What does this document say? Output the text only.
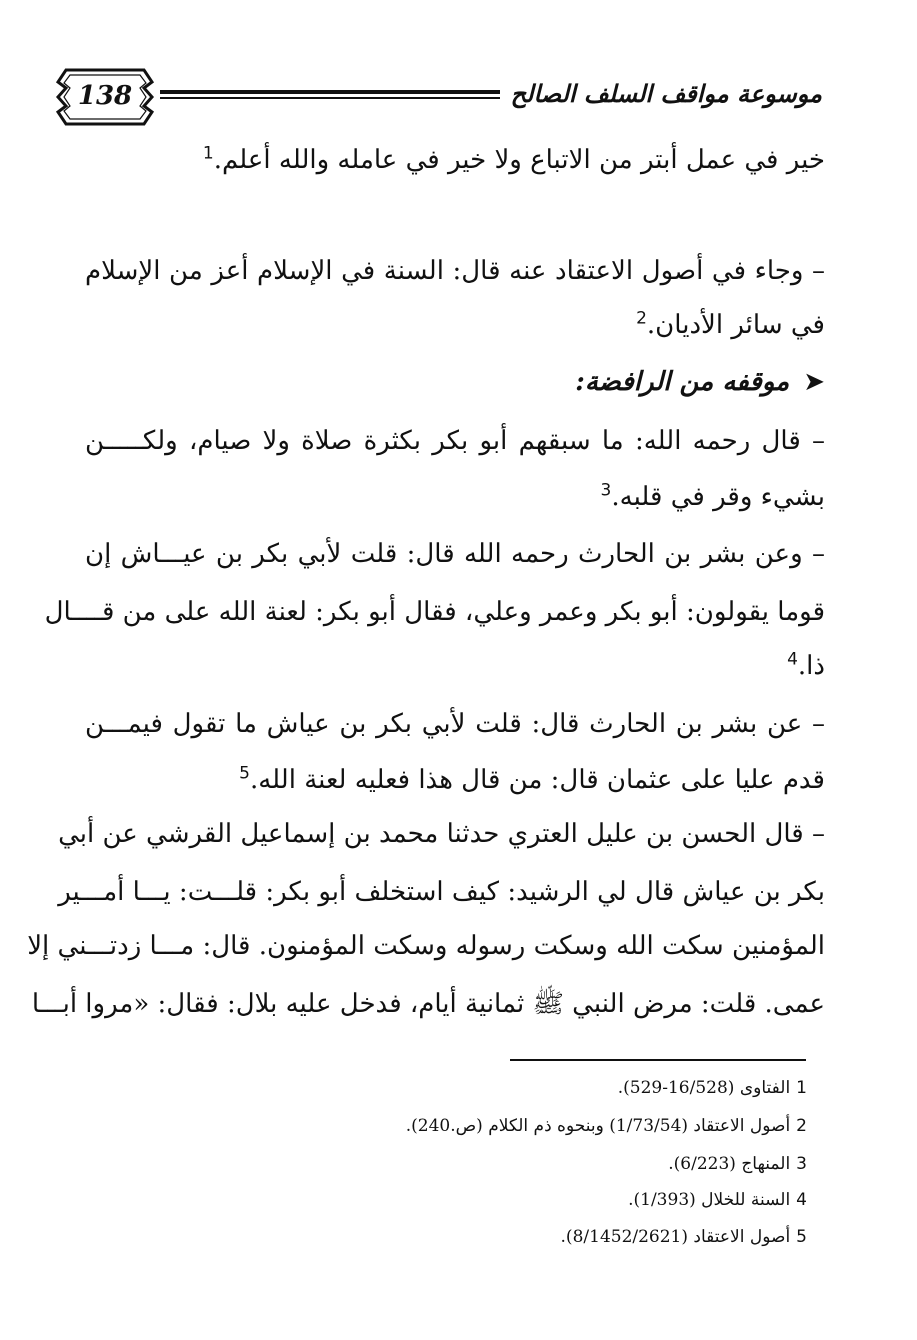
138	موسوعة مواقف السلف الصالح
خير في عمل أبتر من الاتباع ولا خير في عامله والله أعلم.$^1$
– وجاء في أصول الاعتقاد عنه قال: السنة في الإسلام أعز من الإسلام
في سائر الأديان.$^2$
➤موقفه من الرافضة:
– قال رحمه الله: ما سبقهم أبو بكر بكثرة صلاة ولا صيام، ولكـــــن
بشيء وقر في قلبه.$^3$
– وعن بشر بن الحارث رحمه الله قال: قلت لأبي بكر بن عيـــاش إن
قوما يقولون: أبو بكر وعمر وعلي، فقال أبو بكر: لعنة الله على من قــــال
ذا.$^4$
– عن بشر بن الحارث قال: قلت لأبي بكر بن عياش ما تقول فيمـــن
قدم عليا على عثمان قال: من قال هذا فعليه لعنة الله.$^5$
– قال الحسن بن عليل العتري حدثنا محمد بن إسماعيل القرشي عن أبي
بكر بن عياش قال لي الرشيد: كيف استخلف أبو بكر: قلـــت: يـــا أمـــير
المؤمنين سكت الله وسكت رسوله وسكت المؤمنون. قال: مـــا زدتـــني إلا
عمى. قلت: مرض النبي ﷺ ثمانية أيام، فدخل عليه بلال: فقال: «مروا أبـــا
1الفتاوى (16/528-529).
2أصول الاعتقاد (1/73/54) وبنحوه ذم الكلام (ص.240).
3المنهاج (6/223).
4السنة للخلال (1/393).
5أصول الاعتقاد (8/1452/2621).
